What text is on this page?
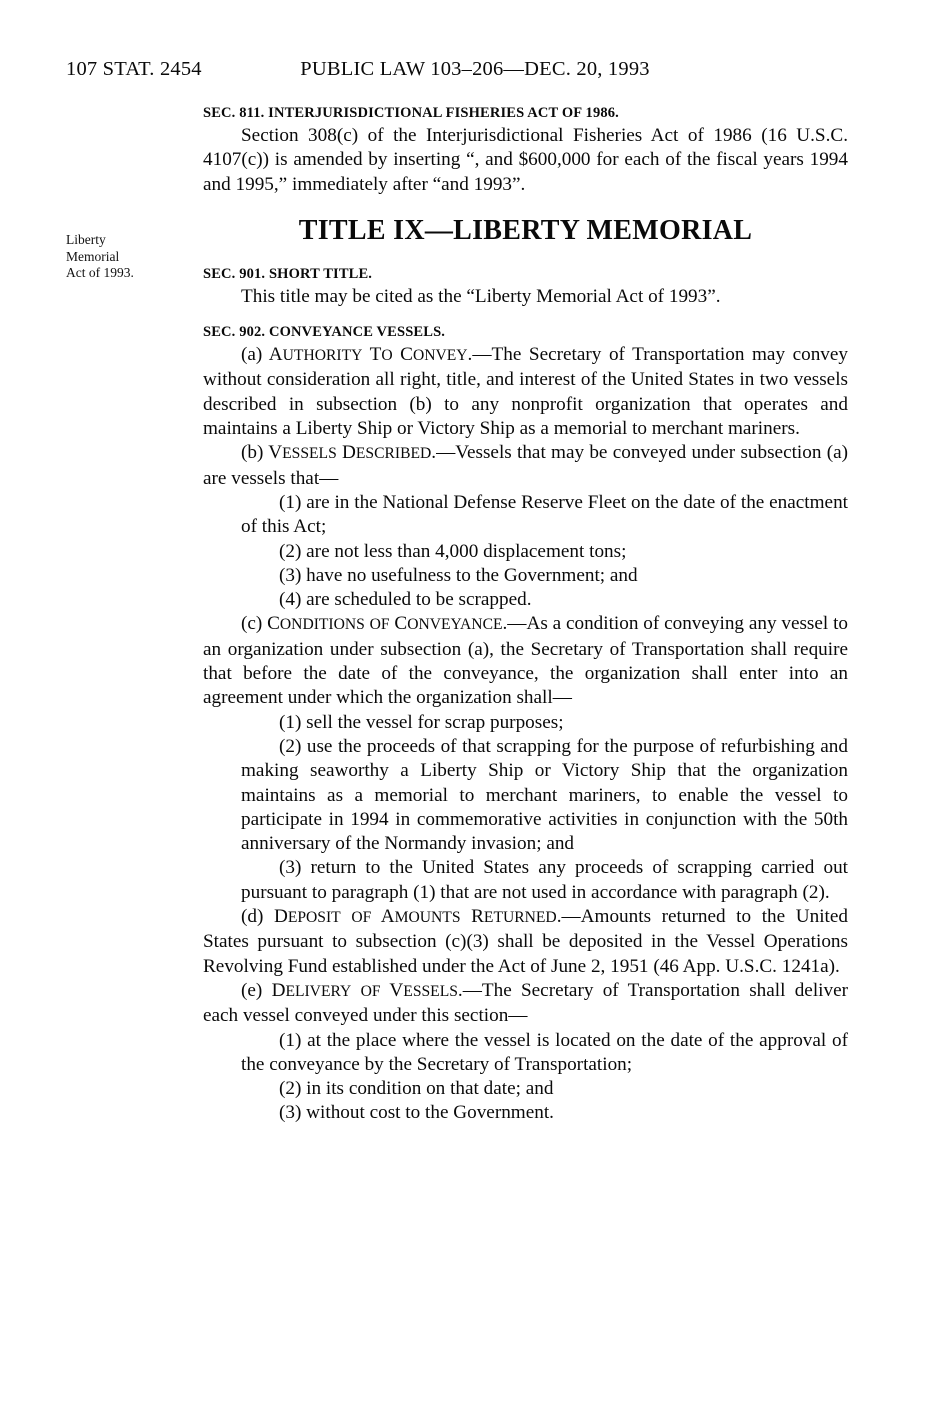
107 STAT. 2454	PUBLIC LAW 103–206—DEC. 20, 1993
Liberty
Memorial
Act of 1993.
SEC. 811. INTERJURISDICTIONAL FISHERIES ACT OF 1986.

Section 308(c) of the Interjurisdictional Fisheries Act of 1986 (16 U.S.C. 4107(c)) is amended by inserting “, and $600,000 for each of the fiscal years 1994 and 1995,” immediately after “and 1993”.

TITLE IX—LIBERTY MEMORIAL
SEC. 901. SHORT TITLE.

This title may be cited as the “Liberty Memorial Act of 1993”.

SEC. 902. CONVEYANCE VESSELS.

(a) AUTHORITY TO CONVEY.—The Secretary of Transportation may convey without consideration all right, title, and interest of the United States in two vessels described in subsection (b) to any nonprofit organization that operates and maintains a Liberty Ship or Victory Ship as a memorial to merchant mariners.

(b) VESSELS DESCRIBED.—Vessels that may be conveyed under subsection (a) are vessels that—

(1) are in the National Defense Reserve Fleet on the date of the enactment of this Act;

(2) are not less than 4,000 displacement tons;

(3) have no usefulness to the Government; and

(4) are scheduled to be scrapped.

(c) CONDITIONS OF CONVEYANCE.—As a condition of conveying any vessel to an organization under subsection (a), the Secretary of Transportation shall require that before the date of the conveyance, the organization shall enter into an agreement under which the organization shall—

(1) sell the vessel for scrap purposes;

(2) use the proceeds of that scrapping for the purpose of refurbishing and making seaworthy a Liberty Ship or Victory Ship that the organization maintains as a memorial to merchant mariners, to enable the vessel to participate in 1994 in commemorative activities in conjunction with the 50th anniversary of the Normandy invasion; and

(3) return to the United States any proceeds of scrapping carried out pursuant to paragraph (1) that are not used in accordance with paragraph (2).

(d) DEPOSIT OF AMOUNTS RETURNED.—Amounts returned to the United States pursuant to subsection (c)(3) shall be deposited in the Vessel Operations Revolving Fund established under the Act of June 2, 1951 (46 App. U.S.C. 1241a).

(e) DELIVERY OF VESSELS.—The Secretary of Transportation shall deliver each vessel conveyed under this section—

(1) at the place where the vessel is located on the date of the approval of the conveyance by the Secretary of Transportation;

(2) in its condition on that date; and

(3) without cost to the Government.
